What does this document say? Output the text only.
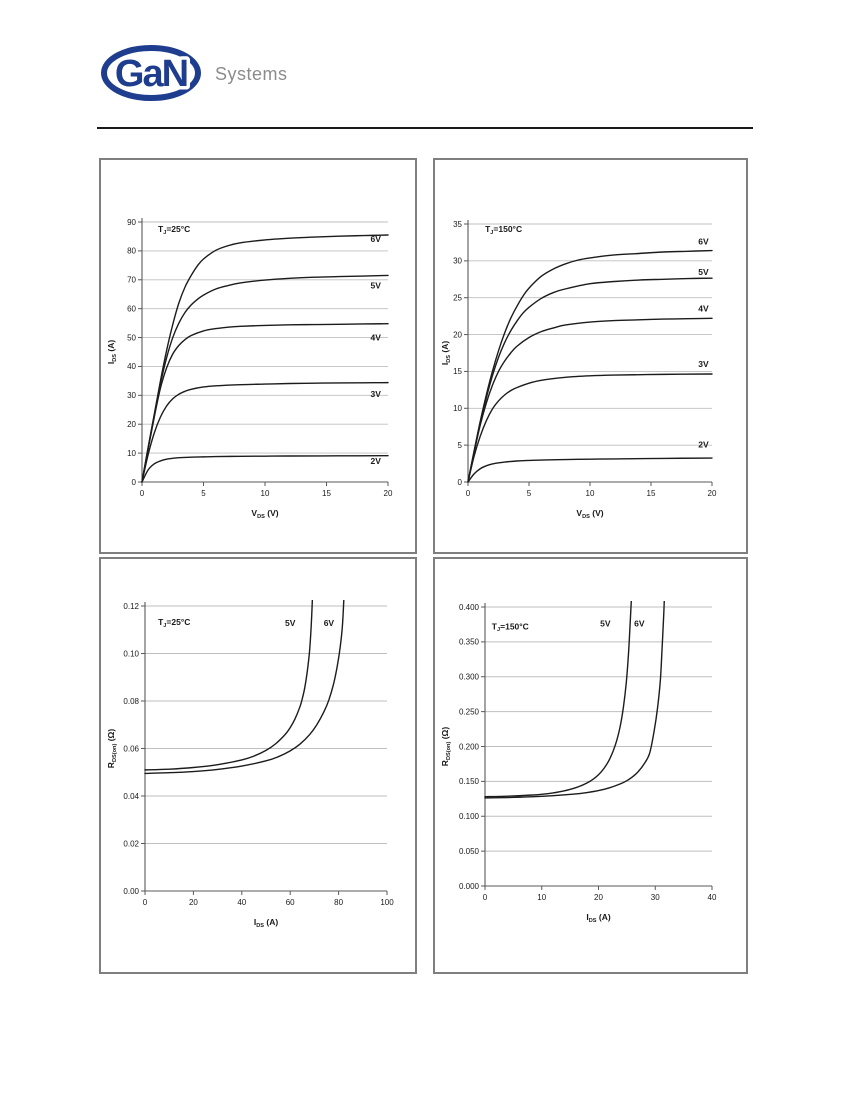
GaN Systems
0
10
20
30
40
50
60
70
80
90
0	5	10	15	20
6V
5V
4V
3V
2V
$T_J=25^\circ C$
$V_{DS}$ (V)
$I_{DS}$ (A)
0
5
10
15
20
25
30
35
0	5	10	15	20
6V
5V
4V
3V
2V
$T_J=150^\circ C$
$V_{DS}$ (V)
$I_{DS}$ (A)
0.00
0.02
0.04
0.06
0.08
0.10
0.12
0	20	40	60	80	100
5V	6V
$T_J=25^\circ C$
$I_{DS}$ (A)
$R_{DS(on)}$ (Ω)
0.000
0.050
0.100
0.150
0.200
0.250
0.300
0.350
0.400
0	10	20	30	40
5V	6V
$T_J=150^\circ C$
$I_{DS}$ (A)
$R_{DS(on)}$ (Ω)
